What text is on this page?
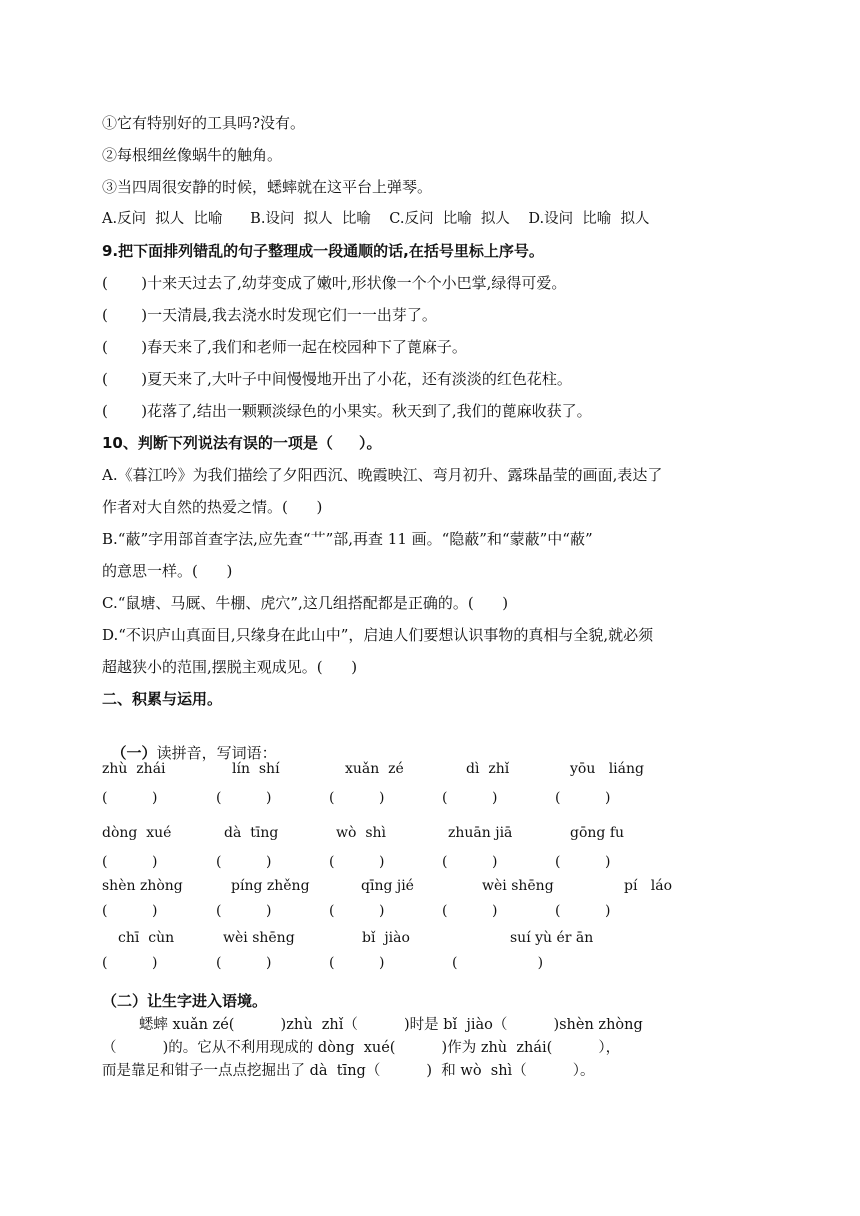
①它有特别好的工具吗?没有。
②每根细丝像蜗牛的触角。
③当四周很安静的时候，蟋蟀就在这平台上弹琴。
A.反问  拟人  比喻      B.设问  拟人  比喻    C.反问  比喻  拟人    D.设问  比喻  拟人
9.把下面排列错乱的句子整理成一段通顺的话,在括号里标上序号。
(       )十来天过去了,幼芽变成了嫩叶,形状像一个个小巴掌,绿得可爱。
(       )一天清晨,我去浇水时发现它们一一出芽了。
(       )春天来了,我们和老师一起在校园种下了蓖麻子。
(       )夏天来了,大叶子中间慢慢地开出了小花，还有淡淡的红色花柱。
(       )花落了,结出一颗颗淡绿色的小果实。秋天到了,我们的蓖麻收获了。
10、判断下列说法有误的一项是（     ）。
A.《暮江吟》为我们描绘了夕阳西沉、晚霞映江、弯月初升、露珠晶莹的画面,表达了
作者对大自然的热爱之情。(      )
B.“蔽”字用部首查字法,应先查“艹”部,再查 11 画。“隐蔽”和“蒙蔽”中“蔽”
的意思一样。(      )
C.“鼠塘、马厩、牛棚、虎穴”,这几组搭配都是正确的。(      )
D.“不识庐山真面目,只缘身在此山中”，启迪人们要想认识事物的真相与全貌,就必须
超越狭小的范围,摆脱主观成见。(      )
二、积累与运用。

（一）读拼音，写词语：

zhù  zhái	lín  shí	xuǎn  zé	dì  zhǐ	yōu   liáng
(          )	(          )	(          )	(          )	(          )
dòng  xué	dà  tīng	wò  shì	zhuān jiā	gōng fu
(          )	(          )	(          )	(          )	(          )
shèn zhòng	píng zhěng	qīng jié	wèi shēng	pí   láo
(          )	(          )	(          )	(          )	(          )
chī  cùn	wèi shēng	bǐ  jiào	suí yù ér ān
(          )	(          )	(          )	(                  )
（二）让生字进入语境。
蟋蟀 xuǎn zé(          )zhù  zhǐ（          )时是 bǐ  jiào（          )shèn zhòng
（          )的。它从不利用现成的 dòng  xué(          )作为 zhù  zhái(          ），
而是靠足和钳子一点点挖掘出了 dà  tīng（          )  和 wò  shì（          ）。
